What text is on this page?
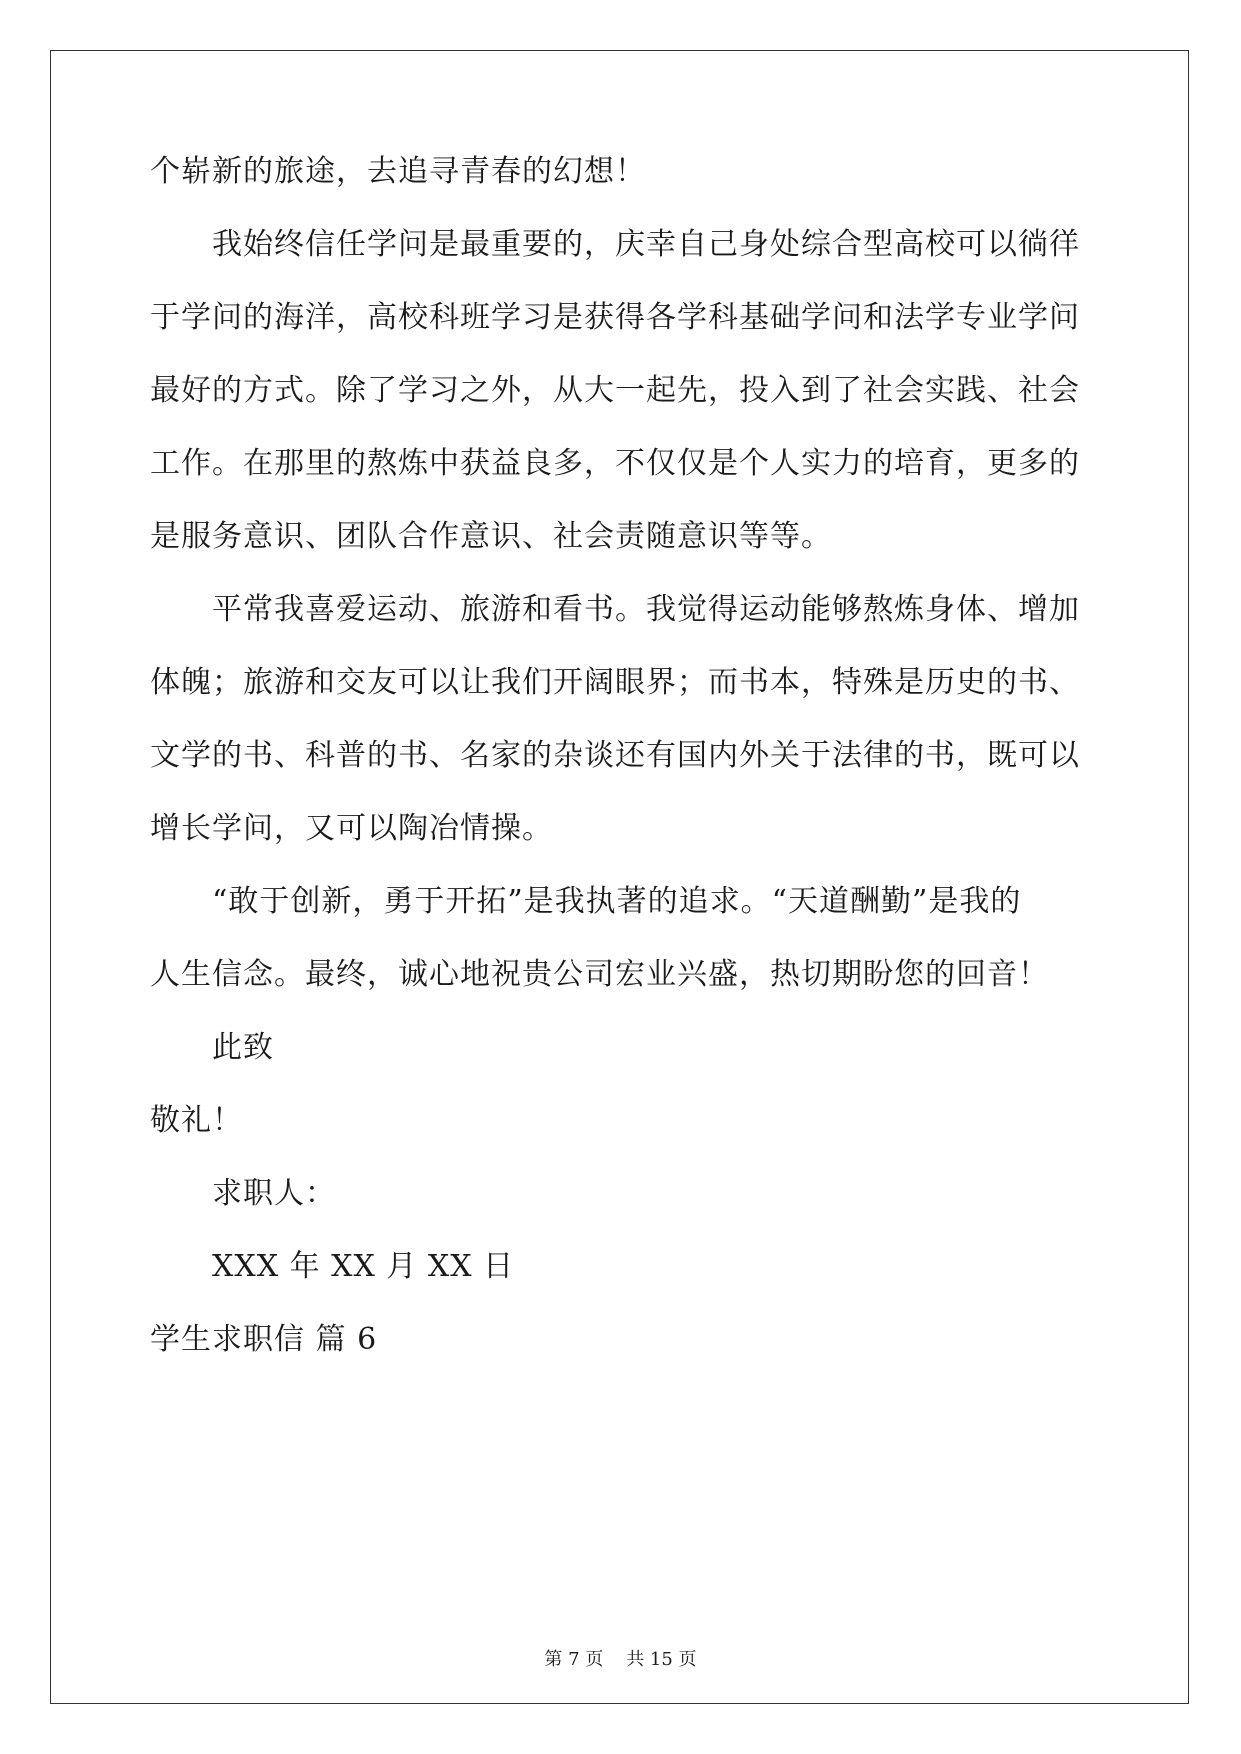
个崭新的旅途，去追寻青春的幻想！

　　我始终信任学问是最重要的，庆幸自己身处综合型高校可以徜徉

于学问的海洋，高校科班学习是获得各学科基础学问和法学专业学问

最好的方式。除了学习之外，从大一起先，投入到了社会实践、社会

工作。在那里的熬炼中获益良多，不仅仅是个人实力的培育，更多的

是服务意识、团队合作意识、社会责随意识等等。

　　平常我喜爱运动、旅游和看书。我觉得运动能够熬炼身体、增加

体魄；旅游和交友可以让我们开阔眼界；而书本，特殊是历史的书、

文学的书、科普的书、名家的杂谈还有国内外关于法律的书，既可以

增长学问，又可以陶冶情操。

　　“敢于创新，勇于开拓”是我执著的追求。“天道酬勤”是我的

人生信念。最终，诚心地祝贵公司宏业兴盛，热切期盼您的回音！

　　此致

敬礼！

　　求职人：

　　XXX 年 XX 月 XX 日

学生求职信 篇 6

第 7 页    共 15 页
